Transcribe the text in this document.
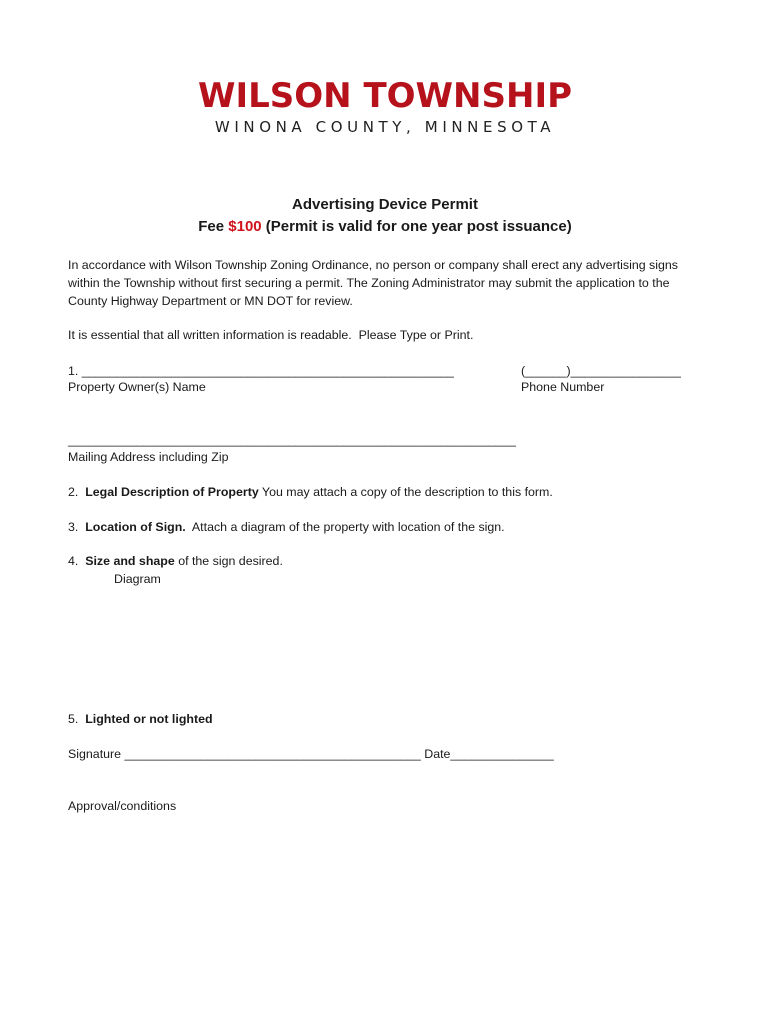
WILSON TOWNSHIP
WINONA COUNTY, MINNESOTA
Advertising Device Permit
Fee $100 (Permit is valid for one year post issuance)
In accordance with Wilson Township Zoning Ordinance, no person or company shall erect any advertising signs
within the Township without first securing a permit. The Zoning Administrator may submit the application to the
County Highway Department or MN DOT for review.
It is essential that all written information is readable.  Please Type or Print.
1. ______________________________________________________
Property Owner(s) Name
(______)________________
Phone Number
_________________________________________________________________
Mailing Address including Zip
2.  Legal Description of Property You may attach a copy of the description to this form.
3.  Location of Sign.  Attach a diagram of the property with location of the sign.
4.  Size and shape of the sign desired.
Diagram
5.  Lighted or not lighted
Signature ___________________________________________ Date_______________
Approval/conditions
